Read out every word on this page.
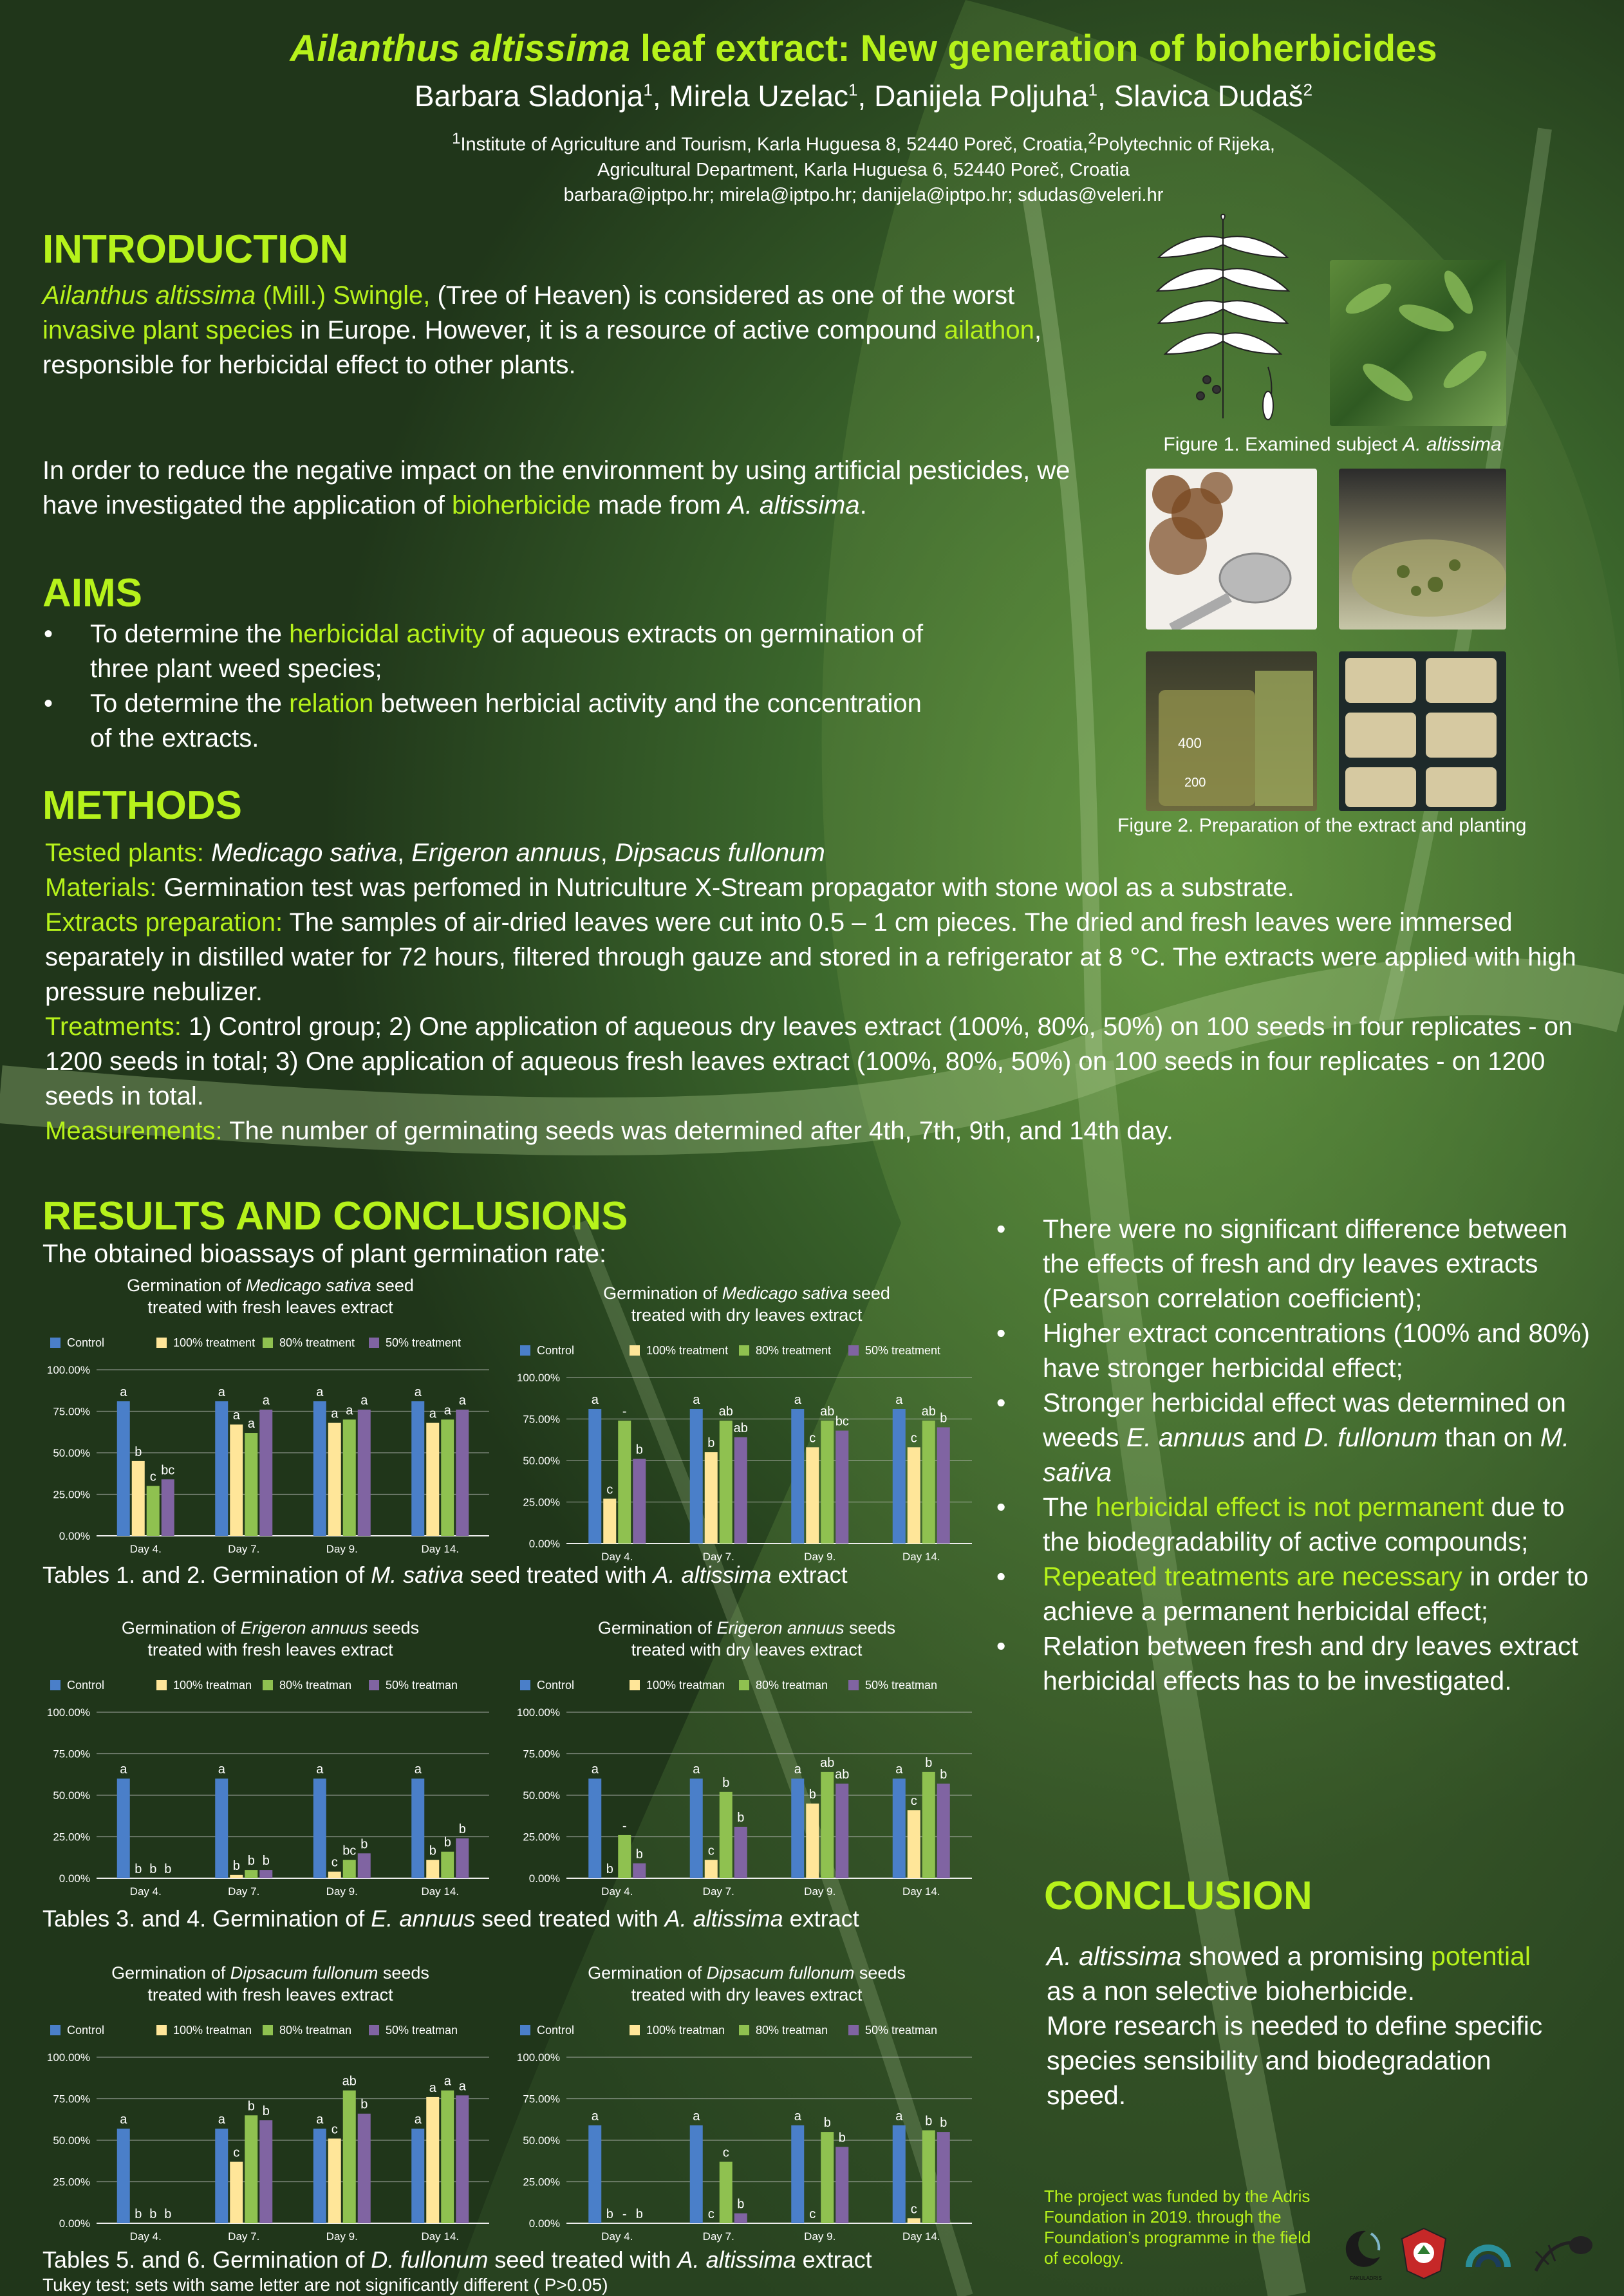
Ailanthus altissima leaf extract: New generation of bioherbicides
Barbara Sladonja$^1$, Mirela Uzelac$^1$, Danijela Poljuha$^1$, Slavica Dudaš$^2$
$^1$Institute of Agriculture and Tourism, Karla Huguesa 8, 52440 Poreč, Croatia,$^2$Polytechnic of Rijeka,
Agricultural Department, Karla Huguesa 6, 52440 Poreč, Croatia
barbara@iptpo.hr; mirela@iptpo.hr; danijela@iptpo.hr; sdudas@veleri.hr
INTRODUCTION
Ailanthus altissima (Mill.) Swingle, (Tree of Heaven) is considered as one of the worst invasive plant species in Europe. However, it is a resource of active compound ailathon, responsible for herbicidal effect to other plants.
In order to reduce the negative impact on the environment by using artificial pesticides, we have investigated the application of bioherbicide made from A. altissima.
AIMS
• To determine the herbicidal activity of aqueous extracts on germination of three plant weed species;
• To determine the relation between herbicial activity and the concentration of the extracts.
METHODS
Tested plants: Medicago sativa, Erigeron annuus, Dipsacus fullonum
Materials: Germination test was perfomed in Nutriculture X-Stream propagator with stone wool as a substrate.
Extracts preparation: The samples of air-dried leaves were cut into 0.5 – 1 cm pieces. The dried and fresh leaves were immersed separately in distilled water for 72 hours, filtered through gauze and stored in a refrigerator at 8 °C. The extracts were applied with high pressure nebulizer.
Treatments: 1) Control group; 2) One application of aqueous dry leaves extract (100%, 80%, 50%) on 100 seeds in four replicates - on 1200 seeds in total; 3) One application of aqueous fresh leaves extract (100%, 80%, 50%) on 100 seeds in four replicates - on 1200 seeds in total.
Measurements: The number of germinating seeds was determined after 4th, 7th, 9th, and 14th day.
Figure 1. Examined subject A. altissima
400
200
Figure 2. Preparation of the extract and planting
RESULTS AND CONCLUSIONS
The obtained bioassays of plant germination rate:
Germination of Medicago sativa seed
treated with fresh leaves extract
Control	100% treatment 80% treatment	50% treatment
0.00%
25.00%
50.00%
75.00%
100.00%
a
b
c bc
Day 4.
a
a
a
a
Day 7.
a
a a
a
Day 9.
a
a a
a
Day 14.
Germination of Medicago sativa seed
treated with dry leaves extract
Control	100% treatment 80% treatment	50% treatment
0.00%
25.00%
50.00%
75.00%
100.00%
a
c
-
b
Day 4.
a
b
ab
ab
Day 7.
a
c
ab
bc
Day 9.
a
c
ab b
Day 14.
Tables 1. and 2. Germination of M. sativa seed treated with A. altissima extract
Germination of Erigeron annuus seeds
treated with fresh leaves extract
Control	100% treatman 80% treatman	50% treatman
0.00%
25.00%
50.00%
75.00%
100.00%
a
b b b
Day 4.
a
b b b
Day 7.
a
c
bc b
Day 9.
a
b
b
b
Day 14.
Germination of Erigeron annuus seeds
treated with dry leaves extract
Control	100% treatman	80% treatman	50% treatman
0.00%
25.00%
50.00%
75.00%
100.00%
a
b
-
b
Day 4.
a
c
b
b
Day 7.
a
b
ab
ab
Day 9.
a
c
b
b
Day 14.
Tables 3. and 4. Germination of E. annuus seed treated with A. altissima extract
Germination of Dipsacum fullonum seeds
treated with fresh leaves extract
Control	100% treatman 80% treatman	50% treatman
0.00%
25.00%
50.00%
75.00%
100.00%
a
b b b
Day 4.
a
c
b b
Day 7.
a
c
ab
b
Day 9.
a
a a a
Day 14.
Germination of Dipsacum fullonum seeds
treated with dry leaves extract
Control	100% treatman	80% treatman	50% treatman
0.00%
25.00%
50.00%
75.00%
100.00%
a
b - b
Day 4.
a
c
c
b
Day 7.
a
c
b
b
Day 9.
a
c
b b
Day 14.
Tables 5. and 6. Germination of D. fullonum seed treated with A. altissima extract
Tukey test; sets with same letter are not significantly different ( P>0.05)
• There were no significant difference between the effects of fresh and dry leaves extracts (Pearson correlation coefficient);
• Higher extract concentrations (100% and 80%) have stronger herbicidal effect;
• Stronger herbicidal effect was determined on weeds E. annuus and D. fullonum than on M. sativa
• The herbicidal effect is not permanent due to the biodegradability of active compounds;
• Repeated treatments are necessary in order to achieve a permanent herbicidal effect;
• Relation between fresh and dry leaves extract herbicidal effects has to be investigated.
CONCLUSION
A. altissima showed a promising potential as a non selective bioherbicide.
More research is needed to define specific species sensibility and biodegradation speed.
The project was funded by the Adris Foundation in 2019. through the Foundation’s programme in the field of ecology.
FAKULADRIS
